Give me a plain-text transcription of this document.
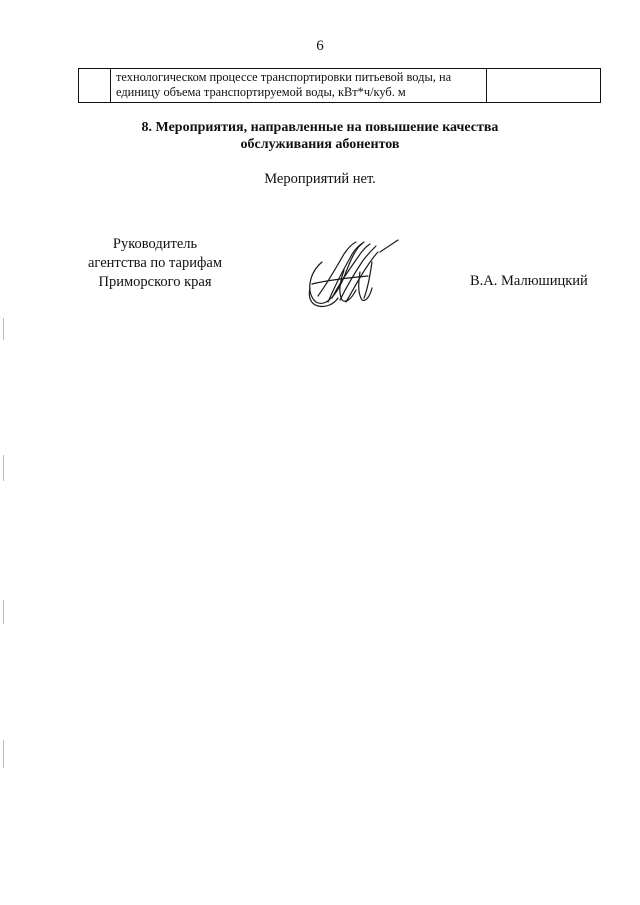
6
технологическом процессе транспортировки питьевой воды, на
единицу объема транспортируемой воды, кВт*ч/куб. м
8. Мероприятия, направленные на повышение качества
обслуживания абонентов
Мероприятий нет.
Руководитель
агентства по тарифам
Приморского края	В.А. Малюшицкий
